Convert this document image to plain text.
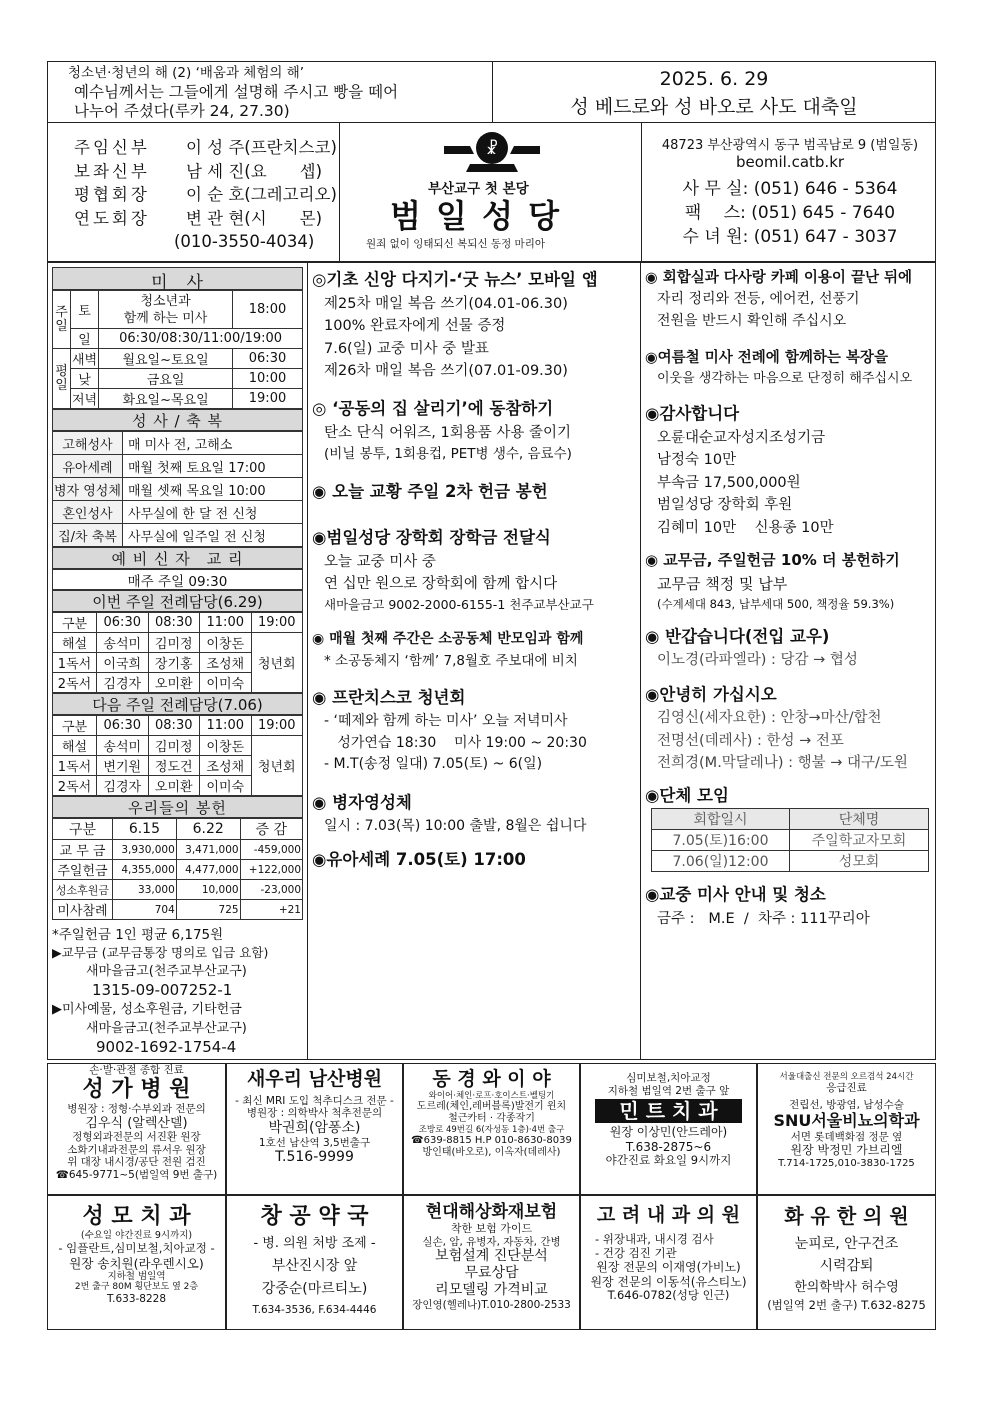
청소년·청년의 해 (2) ‘배움과 체험의 해’
예수님께서는 그들에게 설명해 주시고 빵을 떼어
나누어 주셨다(루카 24, 27.30)
2025. 6. 29
성 베드로와 성 바오로 사도 대축일
주임신부 이 성 주(프란치스코)
보좌신부 남 세 진(요　　셉)
평협회장 이 순 호(그레고리오)
연도회장 변 관 현(시　　몬)
(010-3550-4034)
☧
부산교구 첫 본당
범 일 성 당
원죄 없이 잉태되신 복되신 동정 마리아
48723 부산광역시 동구 범곡남로 9 (범일동)
beomil.catb.kr
사 무 실: (051) 646 - 5364
팩　 스: (051) 645 - 7640
수 녀 원: (051) 647 - 3037
미　사
주일	토	청소년과
함께 하는 미사	18:00
	일	06:30/08:30/11:00/19:00	
평일	새벽	월요일~토요일	06:30
	낮	금요일	10:00
	저녁	화요일~목요일	19:00
성 사 / 축 복
고해성사	매 미사 전, 고해소
유아세례	매월 첫째 토요일 17:00
병자 영성체	매월 셋째 목요일 10:00
혼인성사	사무실에 한 달 전 신청
집/차 축복	사무실에 일주일 전 신청
예 비 신 자　교 리
매주 주일 09:30
이번 주일 전례담당(6.29)
구분	06:30	08:30	11:00	19:00
해설	송석미	김미정	이창돈	청년회
1독서	이국희	장기홍	조성채	
2독서	김경자	오미환	이미숙	
다음 주일 전례담당(7.06)
구분	06:30	08:30	11:00	19:00
해설	송석미	김미정	이창돈	청년회
1독서	변기원	정도건	조성채	
2독서	김경자	오미환	이미숙	
우리들의 봉헌
구분	6.15	6.22	증 감
교 무 금	3,930,000	3,471,000	-459,000
주일헌금	4,355,000	4,477,000	+122,000
성소후원금	33,000	10,000	-23,000
미사참례	704	725	+21
*주일헌금 1인 평균 6,175원
▶교무금 (교무금통장 명의로 입금 요함)
새마을금고(천주교부산교구)
1315-09-007252-1
▶미사예물, 성소후원금, 기타헌금
새마을금고(천주교부산교구)
9002-1692-1754-4

◎기초 신앙 다지기-‘굿 뉴스’ 모바일 앱

제25차 매일 복음 쓰기(04.01-06.30)

100% 완료자에게 선물 증정

7.6(일) 교중 미사 중 발표

제26차 매일 복음 쓰기(07.01-09.30)

◎ ‘공동의 집 살리기’에 동참하기

탄소 단식 어워즈, 1회용품 사용 줄이기

(비닐 봉투, 1회용컵, PET병 생수, 음료수)

◉ 오늘 교황 주일 2차 헌금 봉헌

◉범일성당 장학회 장학금 전달식

오늘 교중 미사 중

연 십만 원으로 장학회에 함께 합시다

새마을금고 9002-2000-6155-1 천주교부산교구

◉ 매월 첫째 주간은 소공동체 반모임과 함께

* 소공동체지 ‘함께’ 7,8월호 주보대에 비치

◉ 프란치스코 청년회

- ‘떼제와 함께 하는 미사’ 오늘 저녁미사

성가연습 18:30    미사 19:00 ~ 20:30

- M.T(송정 일대) 7.05(토) ~ 6(일)

◉ 병자영성체

일시 : 7.03(목) 10:00 출발, 8월은 쉽니다

◉유아세례 7.05(토) 17:00

◉ 회합실과 다사랑 카페 이용이 끝난 뒤에

자리 정리와 전등, 에어컨, 선풍기

전원을 반드시 확인해 주십시오

◉여름철 미사 전례에 함께하는 복장을

이웃을 생각하는 마음으로 단정히 해주십시오

◉감사합니다

오륜대순교자성지조성기금

남정숙 10만

부속금 17,500,000원

범일성당 장학회 후원

김혜미 10만    신용종 10만

◉ 교무금, 주일헌금 10% 더 봉헌하기

교무금 책정 및 납부

(수계세대 843, 납부세대 500, 책정율 59.3%)

◉ 반갑습니다(전입 교우)

이노경(라파엘라) : 당감 → 협성

◉안녕히 가십시오

김영신(세자요한) : 안창→마산/합천

전명선(데레사) : 한성 → 전포

전희경(M.막달레나) : 행불 → 대구/도원

◉단체 모임

회합일시	단체명
7.05(토)16:00	주일학교자모회
7.06(일)12:00	성모회

◉교중 미사 안내 및 청소

금주 :   M.E  /  차주 : 111꾸리아

손·발·관절 종합 진료
성 가 병 원
병원장 : 정형·수부외과 전문의
김우식 (알렉산델)
정형외과전문의 서진환 원장
소화기내과전문의 류서우 원장
위 대장 내시경/공단 전원 검진
☎645-9771~5(범일역 9번 출구)
새우리 남산병원
- 최신 MRI 도입 척추디스크 전문 -
병원장 : 의학박사 척추전문의
박권희(암퐁소)
1호선 남산역 3,5번출구
T.516-9999
동 경 와 이 야
와이어·체인·로프·호이스트·벨팅기
도르레(체인,레버블록)발전기 윈치
철근카터 · 각종작기
조방로 49번길 6(자성동 1층)·4번 출구
☎639-8815 H.P 010-8630-8039
방인태(바오로), 이옥자(데레사)
심미보철,치아교정
지하철 범일역 2번 출구 앞
민 트 치 과
원장 이상민(안드레아)
T.638-2875~6
야간진료 화요일 9시까지
서울대출신 전문의 오르겸석 24시간
응급진료
전립선, 방광염, 남성수술
SNU서울비뇨의학과
서면 롯데백화점 정문 옆
원장 박정민 가브리엘
T.714-1725,010-3830-1725
성 모 치 과
(수요일 야간진료 9시까지)
- 임플란트,심미보철,치아교정 -
원장 송치원(라우렌시오)
지하철 범일역
2번 출구 80M 횡단보도 옆 2층
T.633-8228
창 공 약 국
- 병. 의원 처방 조제 -
부산진시장 앞
강중순(마르티노)
T.634-3536, F.634-4446
현대해상화재보험
착한 보험 가이드
실손, 암, 유병자, 자동차, 간병
보험설계 진단분석
무료상담
리모델링 가격비교
장인영(헬레나)T.010-2800-2533
고 려 내 과 의 원
- 위장내과, 내시경 검사
- 건강 검진 기관
원장 전문의 이재영(가비노)
원장 전문의 이동석(유스티노)
T.646-0782(성당 인근)
화 유 한 의 원
눈피로, 안구건조
시력감퇴
한의학박사 허수영
(범일역 2번 출구) T.632-8275
